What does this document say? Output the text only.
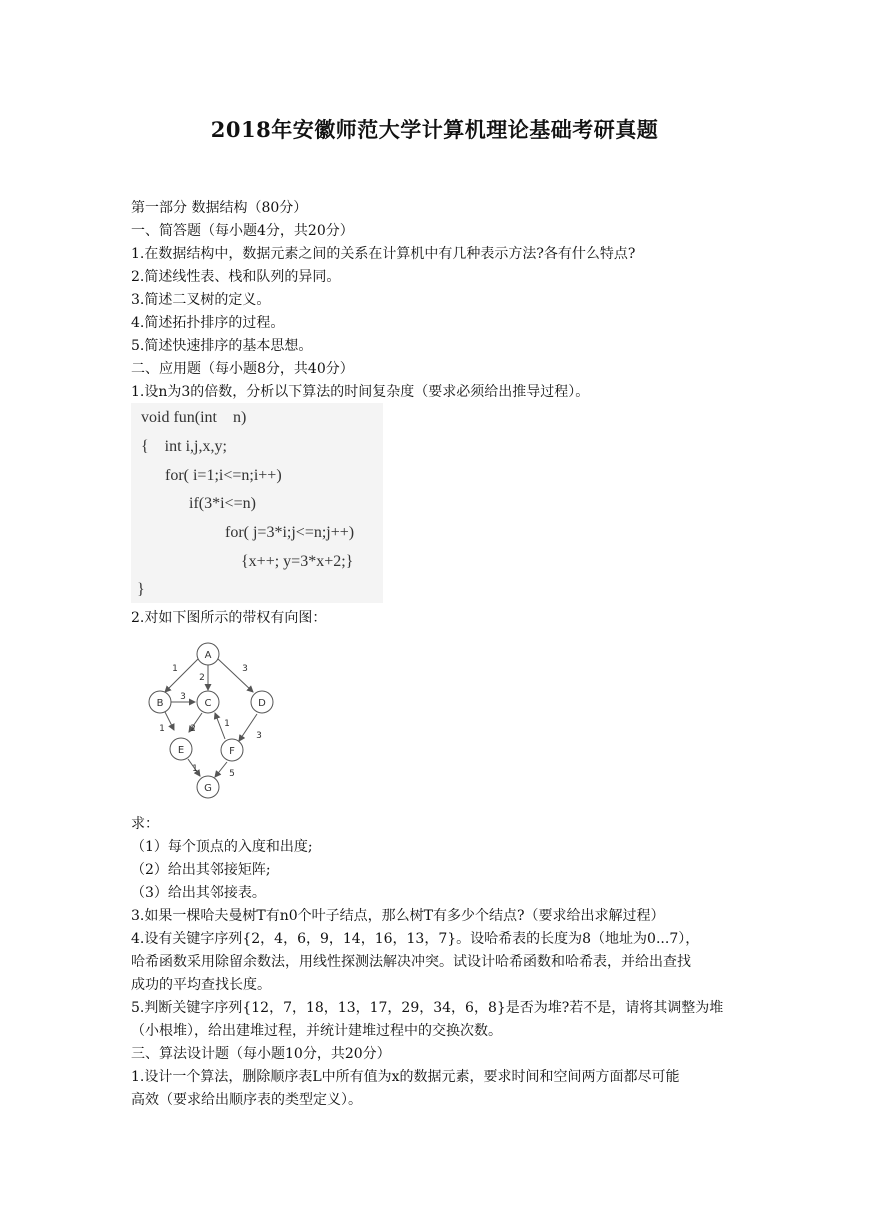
2018年安徽师范大学计算机理论基础考研真题
第一部分 数据结构（80分）
一、简答题（每小题4分，共20分）
1.在数据结构中，数据元素之间的关系在计算机中有几种表示方法?各有什么特点?
2.简述线性表、栈和队列的异同。
3.简述二叉树的定义。
4.简述拓扑排序的过程。
5.简述快速排序的基本思想。
二、应用题（每小题8分，共40分）
1.设n为3的倍数，分析以下算法的时间复杂度（要求必须给出推导过程）。
void fun(int    n)
{    int i,j,x,y;
for( i=1;i<=n;i++)
if(3*i<=n)
for( j=3*i;j<=n;j++)
{x++; y=3*x+2;}
}
2.对如下图所示的带权有向图：
A
B	C	D
E	F
G
1
2
3
3
1	2	1
3
1	5
求：
（1）每个顶点的入度和出度;
（2）给出其邻接矩阵;
（3）给出其邻接表。
3.如果一棵哈夫曼树T有n0个叶子结点，那么树T有多少个结点?（要求给出求解过程）
4.设有关键字序列{2，4，6，9，14，16，13，7}。设哈希表的长度为8（地址为0...7），
哈希函数采用除留余数法，用线性探测法解决冲突。试设计哈希函数和哈希表，并给出查找
成功的平均查找长度。
5.判断关键字序列{12，7，18，13，17，29，34，6，8}是否为堆?若不是，请将其调整为堆
（小根堆），给出建堆过程，并统计建堆过程中的交换次数。
三、算法设计题（每小题10分，共20分）
1.设计一个算法，删除顺序表L中所有值为x的数据元素，要求时间和空间两方面都尽可能
高效（要求给出顺序表的类型定义）。
